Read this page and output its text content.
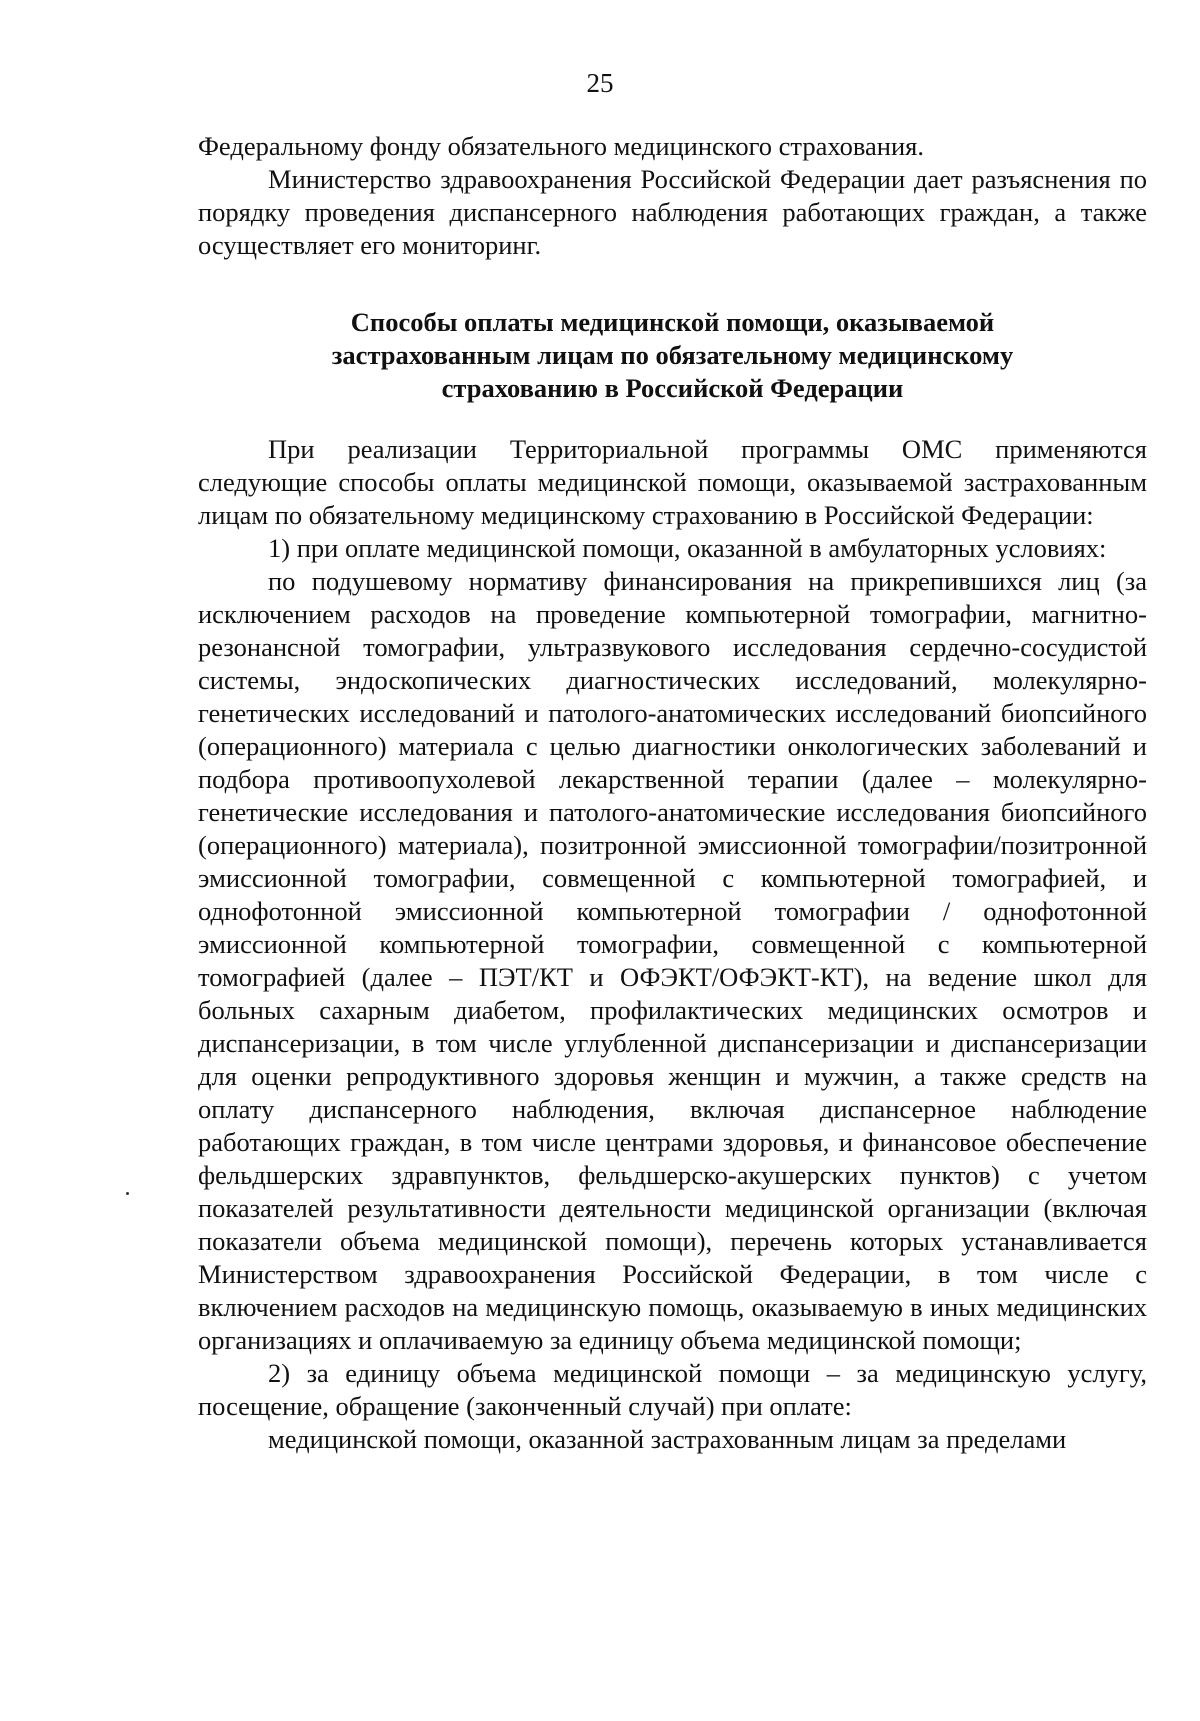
25

Федеральному фонду обязательного медицинского страхования.

Министерство здравоохранения Российской Федерации дает разъяснения по порядку проведения диспансерного наблюдения работающих граждан, а также осуществляет его мониторинг.

Способы оплаты медицинской помощи, оказываемой
застрахованным лицам по обязательному медицинскому
страхованию в Российской Федерации

При реализации Территориальной программы ОМС применяются следующие способы оплаты медицинской помощи, оказываемой застрахованным лицам по обязательному медицинскому страхованию в Российской Федерации:

1) при оплате медицинской помощи, оказанной в амбулаторных условиях:

по подушевому нормативу финансирования на прикрепившихся лиц (за исключением расходов на проведение компьютерной томографии, магнитно-резонансной томографии, ультразвукового исследования сердечно-сосудистой системы, эндоскопических диагностических исследований, молекулярно-генетических исследований и патолого-анатомических исследований биопсийного (операционного) материала с целью диагностики онкологических заболеваний и подбора противоопухолевой лекарственной терапии (далее – молекулярно-генетические исследования и патолого-анатомические исследования биопсийного (операционного) материала), позитронной эмиссионной томографии/позитронной эмиссионной томографии, совмещенной с компьютерной томографией, и однофотонной эмиссионной компьютерной томографии / однофотонной эмиссионной компьютерной томографии, совмещенной с компьютерной томографией (далее – ПЭТ/КТ и ОФЭКТ/ОФЭКТ-КТ), на ведение школ для больных сахарным диабетом, профилактических медицинских осмотров и диспансеризации, в том числе углубленной диспансеризации и диспансеризации для оценки репродуктивного здоровья женщин и мужчин, а также средств на оплату диспансерного наблюдения, включая диспансерное наблюдение работающих граждан, в том числе центрами здоровья, и финансовое обеспечение фельдшерских здравпунктов, фельдшерско-акушерских пунктов) с учетом показателей результативности деятельности медицинской организации (включая показатели объема медицинской помощи), перечень которых устанавливается Министерством здравоохранения Российской Федерации, в том числе с включением расходов на медицинскую помощь, оказываемую в иных медицинских организациях и оплачиваемую за единицу объема медицинской помощи;

2) за единицу объема медицинской помощи – за медицинскую услугу, посещение, обращение (законченный случай) при оплате:

медицинской помощи, оказанной застрахованным лицам за пределами
